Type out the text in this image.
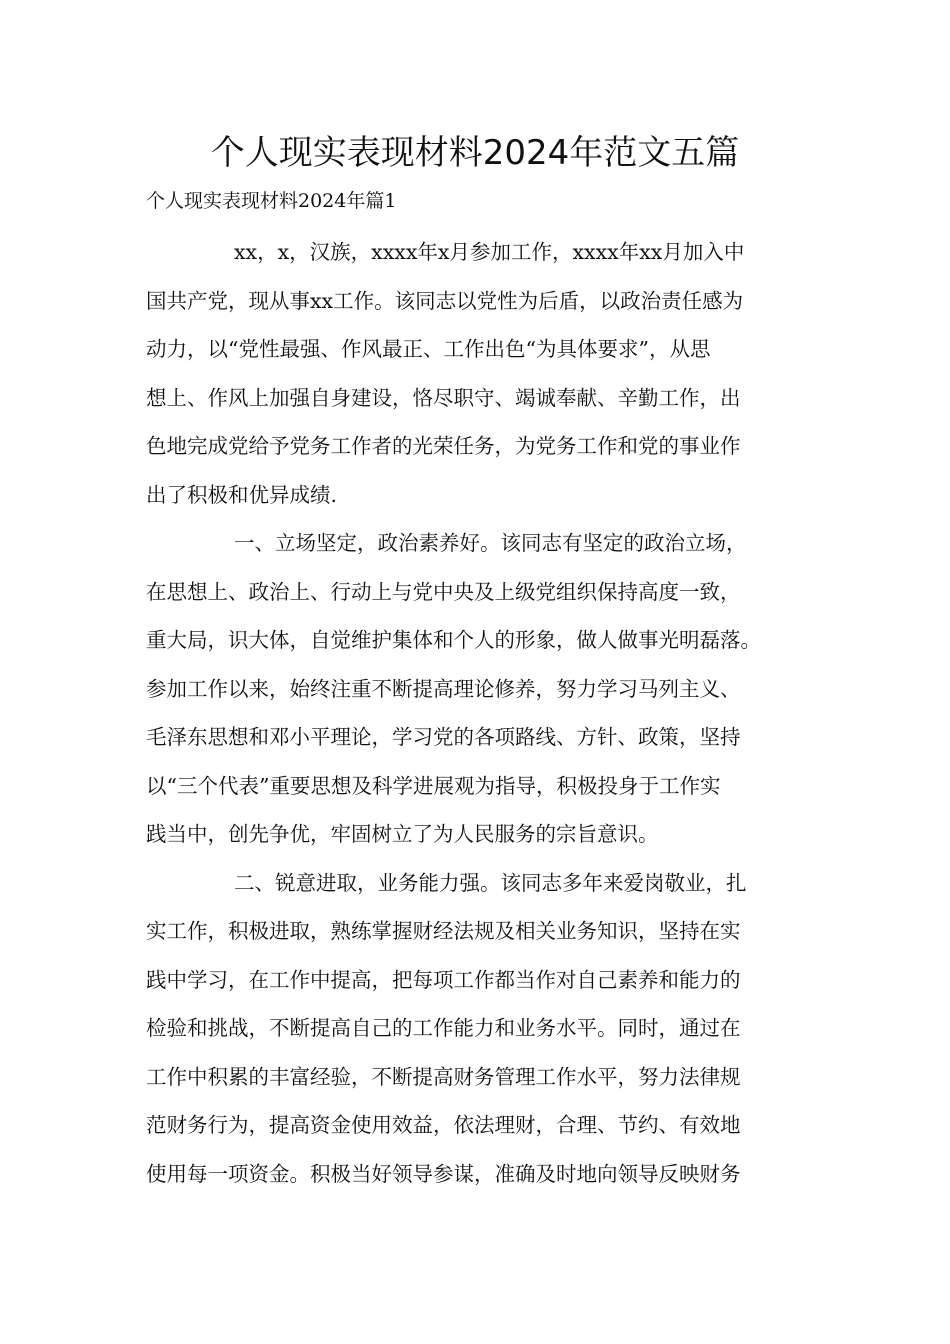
个人现实表现材料2024年范文五篇
个人现实表现材料2024年篇1
xx，x，汉族，xxxx年x月参加工作，xxxx年xx月加入中
国共产党，现从事xx工作。该同志以党性为后盾，以政治责任感为
动力，以“党性最强、作风最正、工作出色“为具体要求”，从思
想上、作风上加强自身建设，恪尽职守、竭诚奉献、辛勤工作，出
色地完成党给予党务工作者的光荣任务，为党务工作和党的事业作
出了积极和优异成绩.
一、立场坚定，政治素养好。该同志有坚定的政治立场，
在思想上、政治上、行动上与党中央及上级党组织保持高度一致，
重大局，识大体，自觉维护集体和个人的形象，做人做事光明磊落。
参加工作以来，始终注重不断提高理论修养，努力学习马列主义、
毛泽东思想和邓小平理论，学习党的各项路线、方针、政策，坚持
以“三个代表”重要思想及科学进展观为指导，积极投身于工作实
践当中，创先争优，牢固树立了为人民服务的宗旨意识。
二、锐意进取，业务能力强。该同志多年来爱岗敬业，扎
实工作，积极进取，熟练掌握财经法规及相关业务知识，坚持在实
践中学习，在工作中提高，把每项工作都当作对自己素养和能力的
检验和挑战，不断提高自己的工作能力和业务水平。同时，通过在
工作中积累的丰富经验，不断提高财务管理工作水平，努力法律规
范财务行为，提高资金使用效益，依法理财，合理、节约、有效地
使用每一项资金。积极当好领导参谋，准确及时地向领导反映财务
